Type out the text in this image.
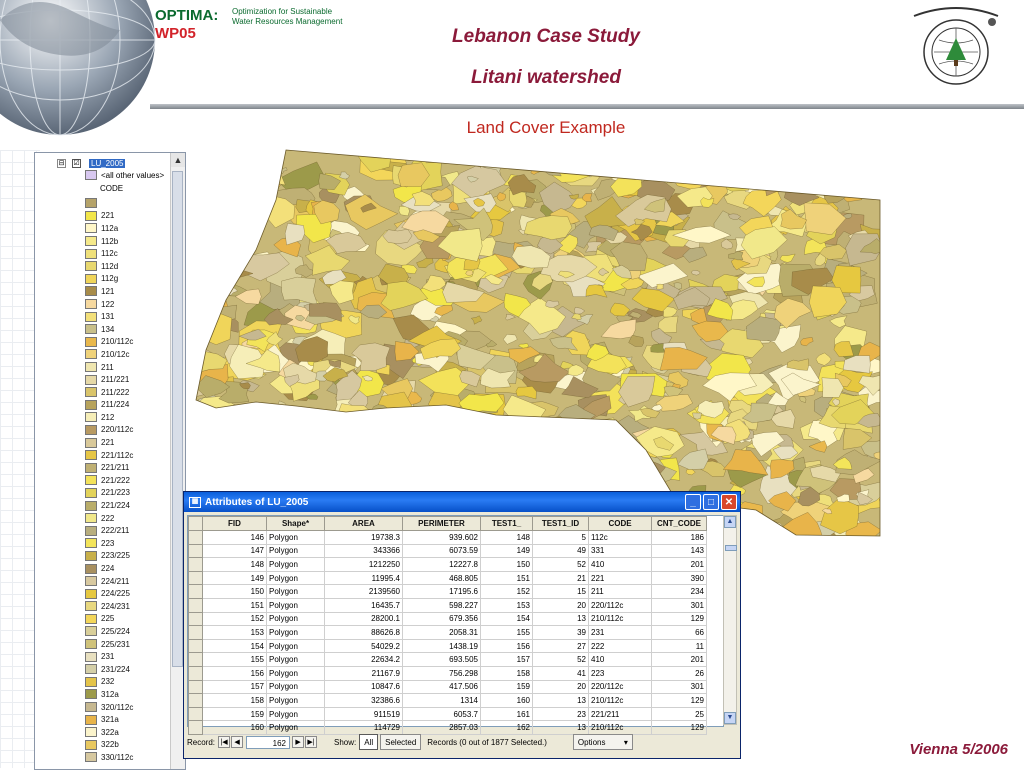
OPTIMA:
WP05
Optimization for Sustainable
Water Resources Management
Lebanon Case Study
Litani watershed
Land Cover Example
⊟ ☑ LU_2005
<all other values>
CODE
221
112a
112b
112c
112d
112g
121
122
131
134
210/112c
210/12c
211
211/221
211/222
211/224
212
220/112c
221
221/112c
221/211
221/222
221/223
221/224
222
222/211
223
223/225
224
224/211
224/225
224/231
225
225/224
225/231
231
231/224
232
312a
320/112c
321a
322a
322b
330/112c
▲
▦ Attributes of LU_2005	_	□	✕
	FID	Shape*	AREA	PERIMETER	TEST1_	TEST1_ID	CODE	CNT_CODE
	146	Polygon	19738.3	939.602	148	5	112c	186
	147	Polygon	343366	6073.59	149	49	331	143
	148	Polygon	1212250	12227.8	150	52	410	201
	149	Polygon	11995.4	468.805	151	21	221	390
	150	Polygon	2139560	17195.6	152	15	211	234
	151	Polygon	16435.7	598.227	153	20	220/112c	301
	152	Polygon	28200.1	679.356	154	13	210/112c	129
	153	Polygon	88626.8	2058.31	155	39	231	66
	154	Polygon	54029.2	1438.19	156	27	222	11
	155	Polygon	22634.2	693.505	157	52	410	201
	156	Polygon	21167.9	756.298	158	41	223	26
	157	Polygon	10847.6	417.506	159	20	220/112c	301
	158	Polygon	32386.6	1314	160	13	210/112c	129
	159	Polygon	911519	6053.7	161	23	221/211	25
	160	Polygon	114729	2857.03	162	13	210/112c	129
▲
▼
Record: |◀ ◀	162	▶ ▶|	Show:	All	Selected	Records (0 out of 1877 Selected.)	Options ▾	Vienna 5/2006
